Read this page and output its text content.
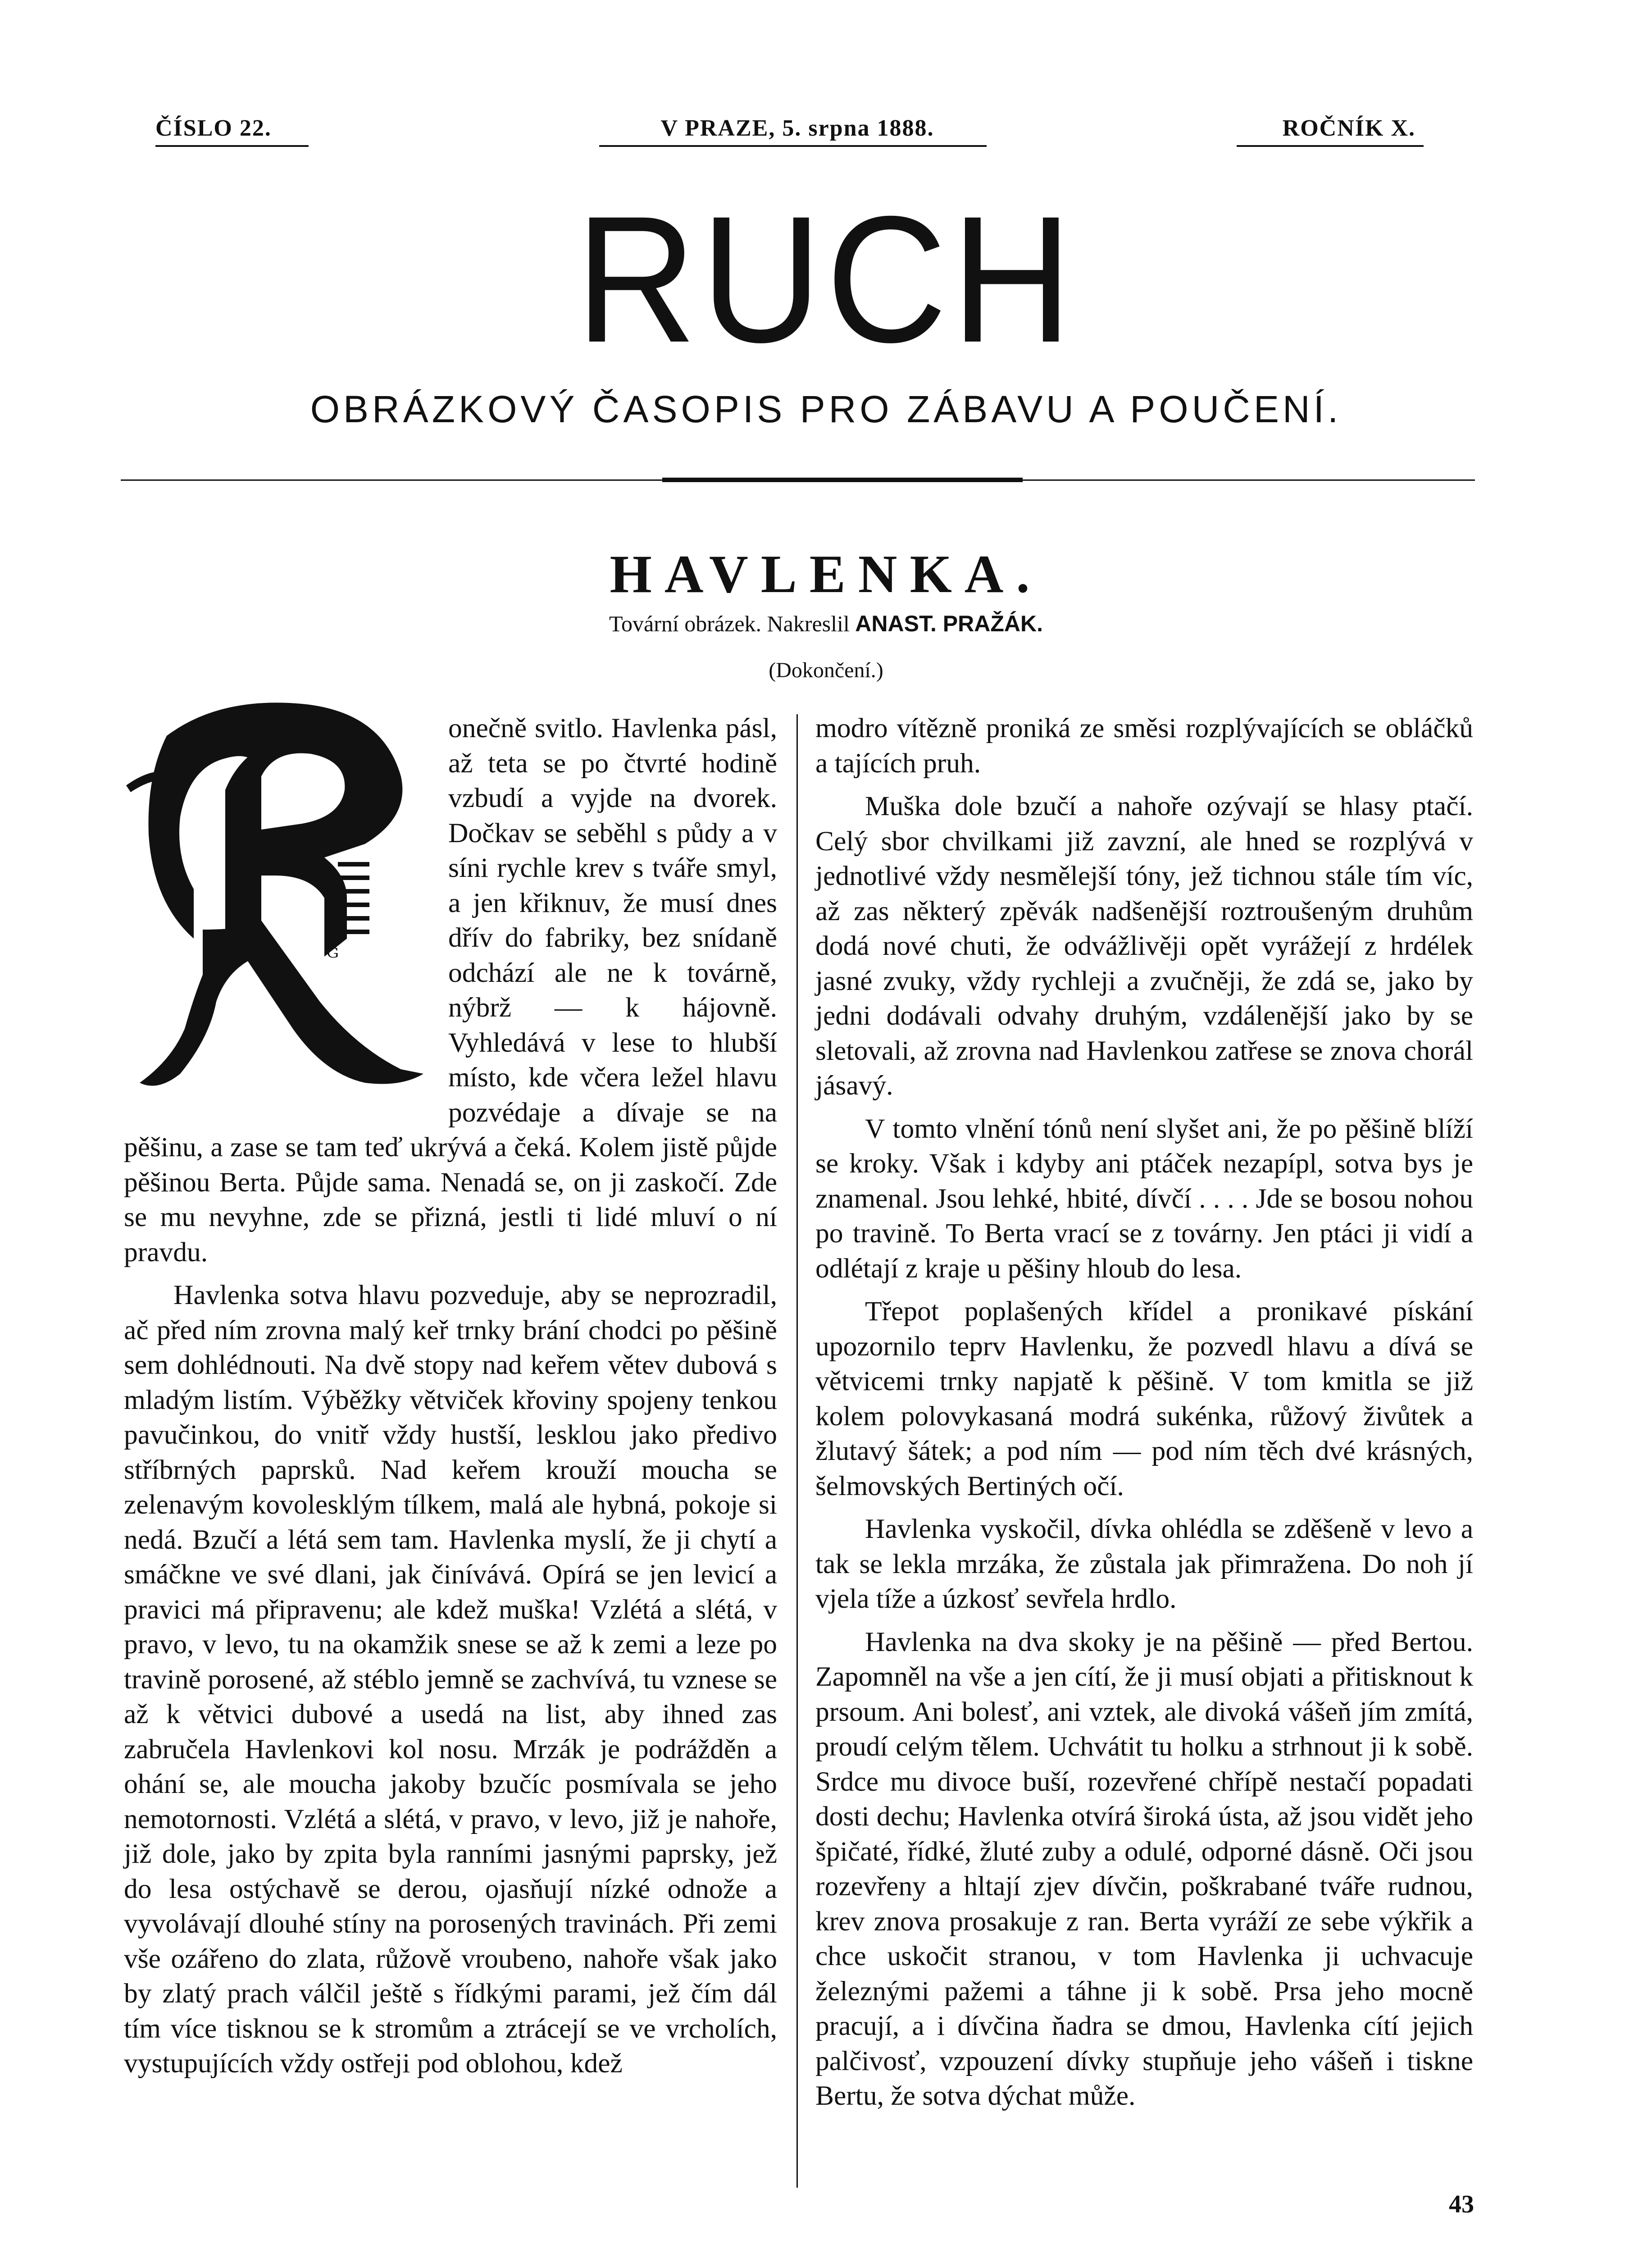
ČÍSLO 22.	V PRAZE, 5. srpna 1888.	ROČNÍK X.
RUCH
OBRÁZKOVÝ ČASOPIS PRO ZÁBAVU A POUČENÍ.
HAVLENKA.
Tovární obrázek. Nakreslil ANAST. PRAŽÁK.
(Dokončení.)
ᴳ

onečně svitlo. Havlenka pásl, až teta se po čtvrté hodině vzbudí a vyjde na dvorek. Dočkav se seběhl s půdy a v síni rychle krev s tváře smyl, a jen křiknuv, že musí dnes dřív do fabriky, bez snídaně odchází ale ne k továrně, nýbrž — k hájovně. Vyhledává v lese to hlubší místo, kde včera ležel hlavu pozvédaje a dívaje se na pěšinu, a zase se tam teď ukrývá a čeká. Kolem jistě půjde pěšinou Berta. Půjde sama. Nenadá se, on ji zaskočí. Zde se mu nevyhne, zde se přizná, jestli ti lidé mluví o ní pravdu.

Havlenka sotva hlavu pozveduje, aby se neprozradil, ač před ním zrovna malý keř trnky brání chodci po pěšině sem dohlédnouti. Na dvě stopy nad keřem větev dubová s mladým listím. Výběžky větviček křoviny spojeny tenkou pavučinkou, do vnitř vždy hustší, lesklou jako předivo stříbrných paprsků. Nad keřem krouží moucha se zelenavým kovolesklým tílkem, malá ale hybná, pokoje si nedá. Bzučí a létá sem tam. Havlenka myslí, že ji chytí a smáčkne ve své dlani, jak činívává. Opírá se jen levicí a pravici má připravenu; ale kdež muška! Vzlétá a slétá, v pravo, v levo, tu na okamžik snese se až k zemi a leze po travině porosené, až stéblo jemně se zachvívá, tu vznese se až k větvici dubové a usedá na list, aby ihned zas zabručela Havlenkovi kol nosu. Mrzák je podrážděn a ohání se, ale moucha jakoby bzučíc posmívala se jeho nemotornosti. Vzlétá a slétá, v pravo, v levo, již je nahoře, již dole, jako by zpita byla ranními jasnými paprsky, jež do lesa ostýchavě se derou, ojasňují nízké odnože a vyvolávají dlouhé stíny na porosených travinách. Při zemi vše ozářeno do zlata, růžově vroubeno, nahoře však jako by zlatý prach válčil ještě s řídkými parami, jež čím dál tím více tisknou se k stromům a ztrácejí se ve vrcholích, vystupujících vždy ostřeji pod oblohou, kdež

modro vítězně proniká ze směsi rozplývajících se obláčků a tajících pruh.

Muška dole bzučí a nahoře ozývají se hlasy ptačí. Celý sbor chvilkami již zavzní, ale hned se rozplývá v jednotlivé vždy nesmělejší tóny, jež tichnou stále tím víc, až zas některý zpěvák nadšenější roztroušeným druhům dodá nové chuti, že odvážlivěji opět vyrážejí z hrdélek jasné zvuky, vždy rychleji a zvučněji, že zdá se, jako by jedni dodávali odvahy druhým, vzdálenější jako by se sletovali, až zrovna nad Havlenkou zatřese se znova chorál jásavý.

V tomto vlnění tónů není slyšet ani, že po pěšině blíží se kroky. Však i kdyby ani ptáček nezapípl, sotva bys je znamenal. Jsou lehké, hbité, dívčí . . . . Jde se bosou nohou po travině. To Berta vrací se z továrny. Jen ptáci ji vidí a odlétají z kraje u pěšiny hloub do lesa.

Třepot poplašených křídel a pronikavé pískání upozornilo teprv Havlenku, že pozvedl hlavu a dívá se větvicemi trnky napjatě k pěšině. V tom kmitla se již kolem polovykasaná modrá sukénka, růžový živůtek a žlutavý šátek; a pod ním — pod ním těch dvé krásných, šelmovských Bertiných očí.

Havlenka vyskočil, dívka ohlédla se zděšeně v levo a tak se lekla mrzáka, že zůstala jak přimražena. Do noh jí vjela tíže a úzkosť sevřela hrdlo.

Havlenka na dva skoky je na pěšině — před Bertou. Zapomněl na vše a jen cítí, že ji musí objati a přitisknout k prsoum. Ani bolesť, ani vztek, ale divoká vášeň jím zmítá, proudí celým tělem. Uchvátit tu holku a strhnout ji k sobě. Srdce mu divoce buší, rozevřené chřípě nestačí popadati dosti dechu; Havlenka otvírá široká ústa, až jsou vidět jeho špičaté, řídké, žluté zuby a odulé, odporné dásně. Oči jsou rozevřeny a hltají zjev dívčin, poškrabané tváře rudnou, krev znova prosakuje z ran. Berta vyráží ze sebe výkřik a chce uskočit stranou, v tom Havlenka ji uchvacuje železnými pažemi a táhne ji k sobě. Prsa jeho mocně pracují, a i dívčina ňadra se dmou, Havlenka cítí jejich palčivosť, vzpouzení dívky stupňuje jeho vášeň i tiskne Bertu, že sotva dýchat může.

43
